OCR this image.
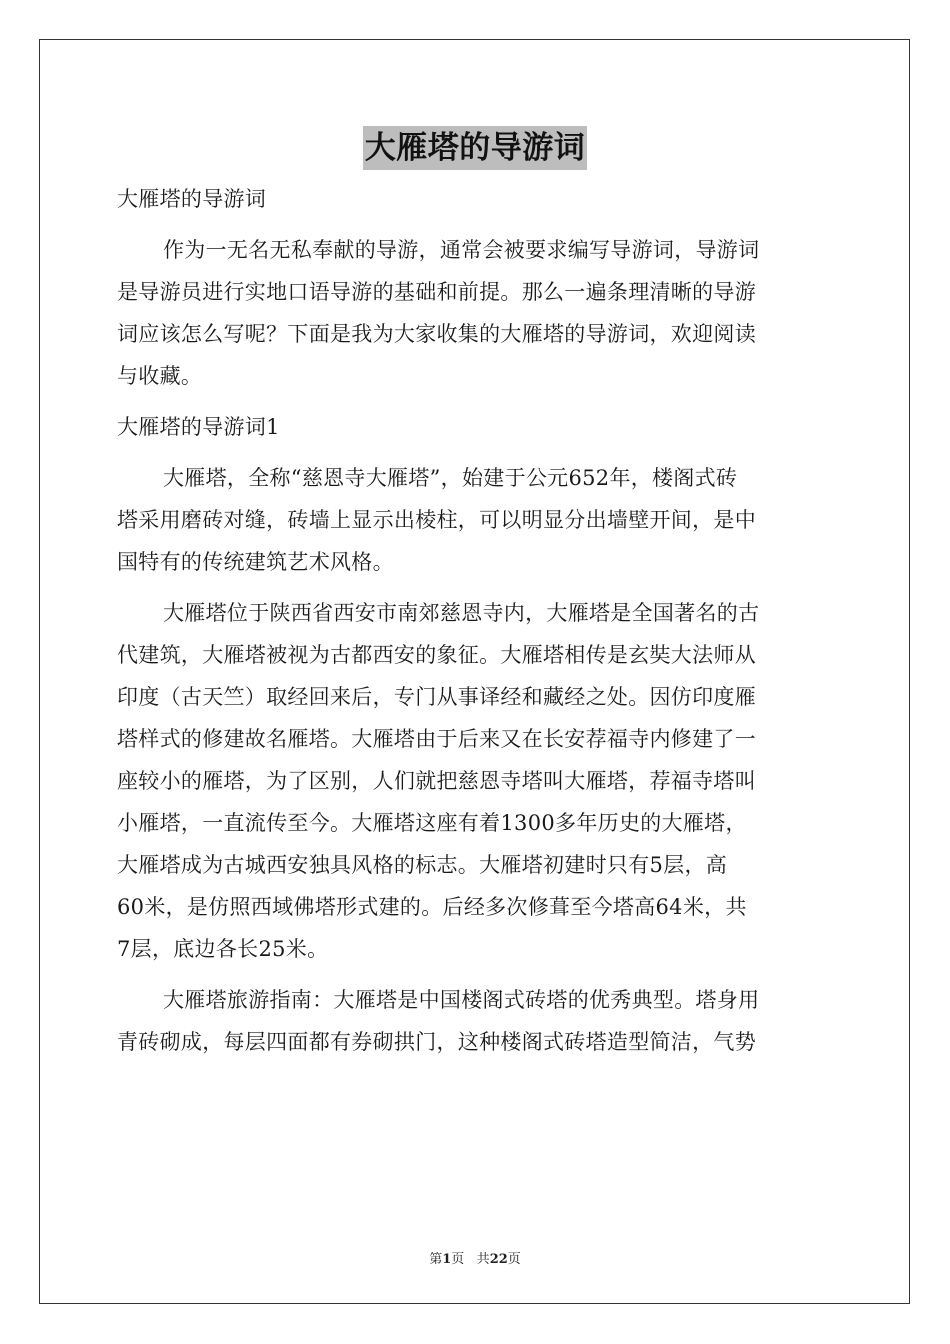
大雁塔的导游词
大雁塔的导游词
作为一无名无私奉献的导游，通常会被要求编写导游词，导游词
是导游员进行实地口语导游的基础和前提。那么一遍条理清晰的导游
词应该怎么写呢？下面是我为大家收集的大雁塔的导游词，欢迎阅读
与收藏。
大雁塔的导游词1
大雁塔，全称“慈恩寺大雁塔”，始建于公元652年，楼阁式砖
塔采用磨砖对缝，砖墙上显示出棱柱，可以明显分出墙壁开间，是中
国特有的传统建筑艺术风格。
大雁塔位于陕西省西安市南郊慈恩寺内，大雁塔是全国著名的古
代建筑，大雁塔被视为古都西安的象征。大雁塔相传是玄奘大法师从
印度（古天竺）取经回来后，专门从事译经和藏经之处。因仿印度雁
塔样式的修建故名雁塔。大雁塔由于后来又在长安荐福寺内修建了一
座较小的雁塔，为了区别，人们就把慈恩寺塔叫大雁塔，荐福寺塔叫
小雁塔，一直流传至今。大雁塔这座有着1300多年历史的大雁塔，
大雁塔成为古城西安独具风格的标志。大雁塔初建时只有5层，高
60米，是仿照西域佛塔形式建的。后经多次修葺至今塔高64米，共
7层，底边各长25米。
大雁塔旅游指南：大雁塔是中国楼阁式砖塔的优秀典型。塔身用
青砖砌成，每层四面都有券砌拱门，这种楼阁式砖塔造型简洁，气势
第1页 共22页
